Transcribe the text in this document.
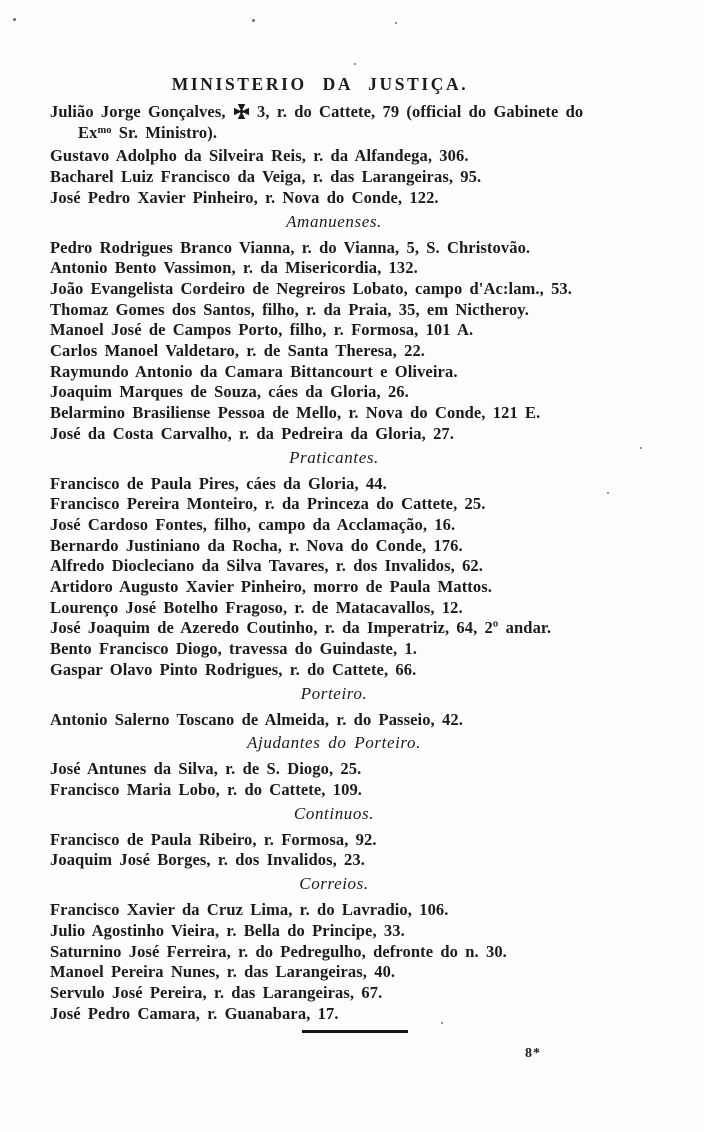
MINISTERIO DA JUSTIÇA.
Julião Jorge Gonçalves,  3, r. do Cattete, 79 (official do Gabinete do
$Ex^{mo}$ Sr. Ministro).
Gustavo Adolpho da Silveira Reis, r. da Alfandega, 306.
Bacharel Luiz Francisco da Veiga, r. das Larangeiras, 95.
José Pedro Xavier Pinheiro, r. Nova do Conde, 122.
Amanuenses.
Pedro Rodrigues Branco Vianna, r. do Vianna, 5, S. Christovão.
Antonio Bento Vassimon, r. da Misericordia, 132.
João Evangelista Cordeiro de Negreiros Lobato, campo d'Ac:lam., 53.
Thomaz Gomes dos Santos, filho, r. da Praia, 35, em Nictheroy.
Manoel José de Campos Porto, filho, r. Formosa, 101 A.
Carlos Manoel Valdetaro, r. de Santa Theresa, 22.
Raymundo Antonio da Camara Bittancourt e Oliveira.
Joaquim Marques de Souza, cáes da Gloria, 26.
Belarmino Brasiliense Pessoa de Mello, r. Nova do Conde, 121 E.
José da Costa Carvalho, r. da Pedreira da Gloria, 27.
Praticantes.
Francisco de Paula Pires, cáes da Gloria, 44.
Francisco Pereira Monteiro, r. da Princeza do Cattete, 25.
José Cardoso Fontes, filho, campo da Acclamação, 16.
Bernardo Justiniano da Rocha, r. Nova do Conde, 176.
Alfredo Diocleciano da Silva Tavares, r. dos Invalidos, 62.
Artidoro Augusto Xavier Pinheiro, morro de Paula Mattos.
Lourenço José Botelho Fragoso, r. de Matacavallos, 12.
José Joaquim de Azeredo Coutinho, r. da Imperatriz, 64, 2º andar.
Bento Francisco Diogo, travessa do Guindaste, 1.
Gaspar Olavo Pinto Rodrigues, r. do Cattete, 66.
Porteiro.
Antonio Salerno Toscano de Almeida, r. do Passeio, 42.
Ajudantes do Porteiro.
José Antunes da Silva, r. de S. Diogo, 25.
Francisco Maria Lobo, r. do Cattete, 109.
Continuos.
Francisco de Paula Ribeiro, r. Formosa, 92.
Joaquim José Borges, r. dos Invalidos, 23.
Correios.
Francisco Xavier da Cruz Lima, r. do Lavradio, 106.
Julio Agostinho Vieira, r. Bella do Principe, 33.
Saturnino José Ferreira, r. do Pedregulho, defronte do n. 30.
Manoel Pereira Nunes, r. das Larangeiras, 40.
Servulo José Pereira, r. das Larangeiras, 67.
José Pedro Camara, r. Guanabara, 17.
8*
